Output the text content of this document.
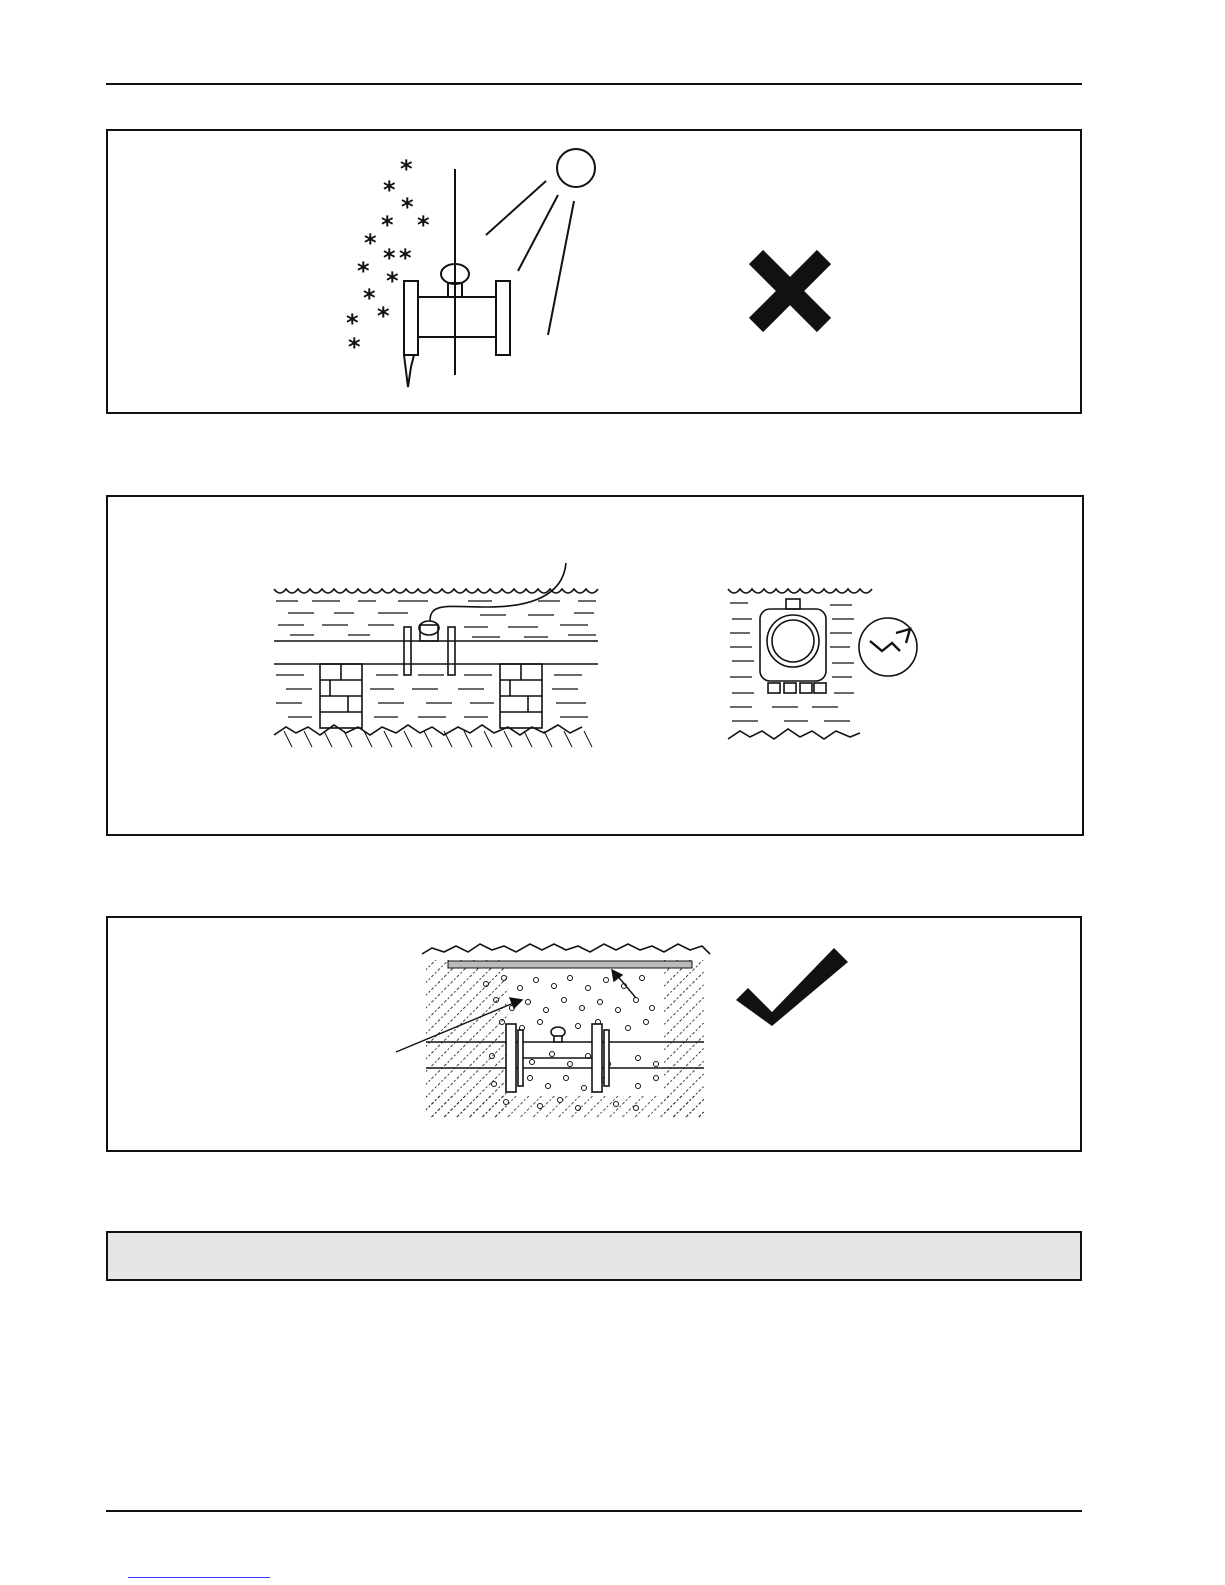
*
*
*
* *
*
* *
* *
*
*
*
*
